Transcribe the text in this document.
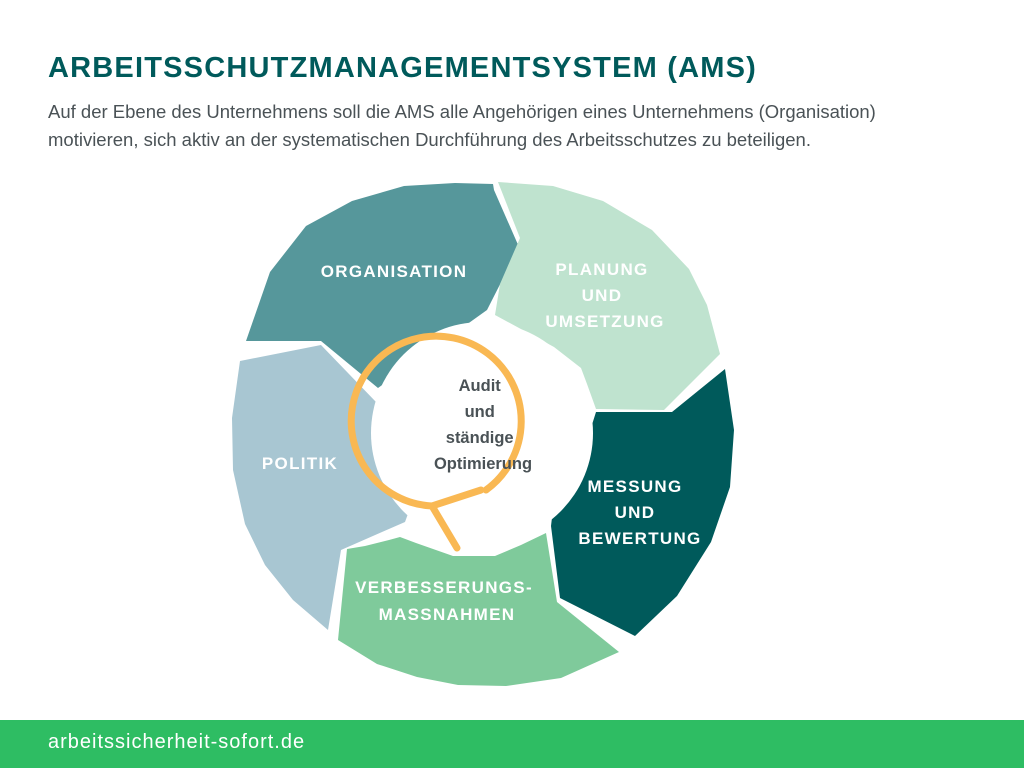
ARBEITSSCHUTZMANAGEMENTSYSTEM (AMS)

Auf der Ebene des Unternehmens soll die AMS alle Angehörigen eines Unternehmens (Organisation)
motivieren, sich aktiv an der systematischen Durchführung des Arbeitsschutzes zu beteiligen.

ORGANISATION	PLANUNG UND UMSETZUNG
MESSUNG UND BEWERTUNG
VERBESSERUNGS- MASSNAHMEN
POLITIK
Audit und ständige Optimierung
arbeitssicherheit-sofort.de
